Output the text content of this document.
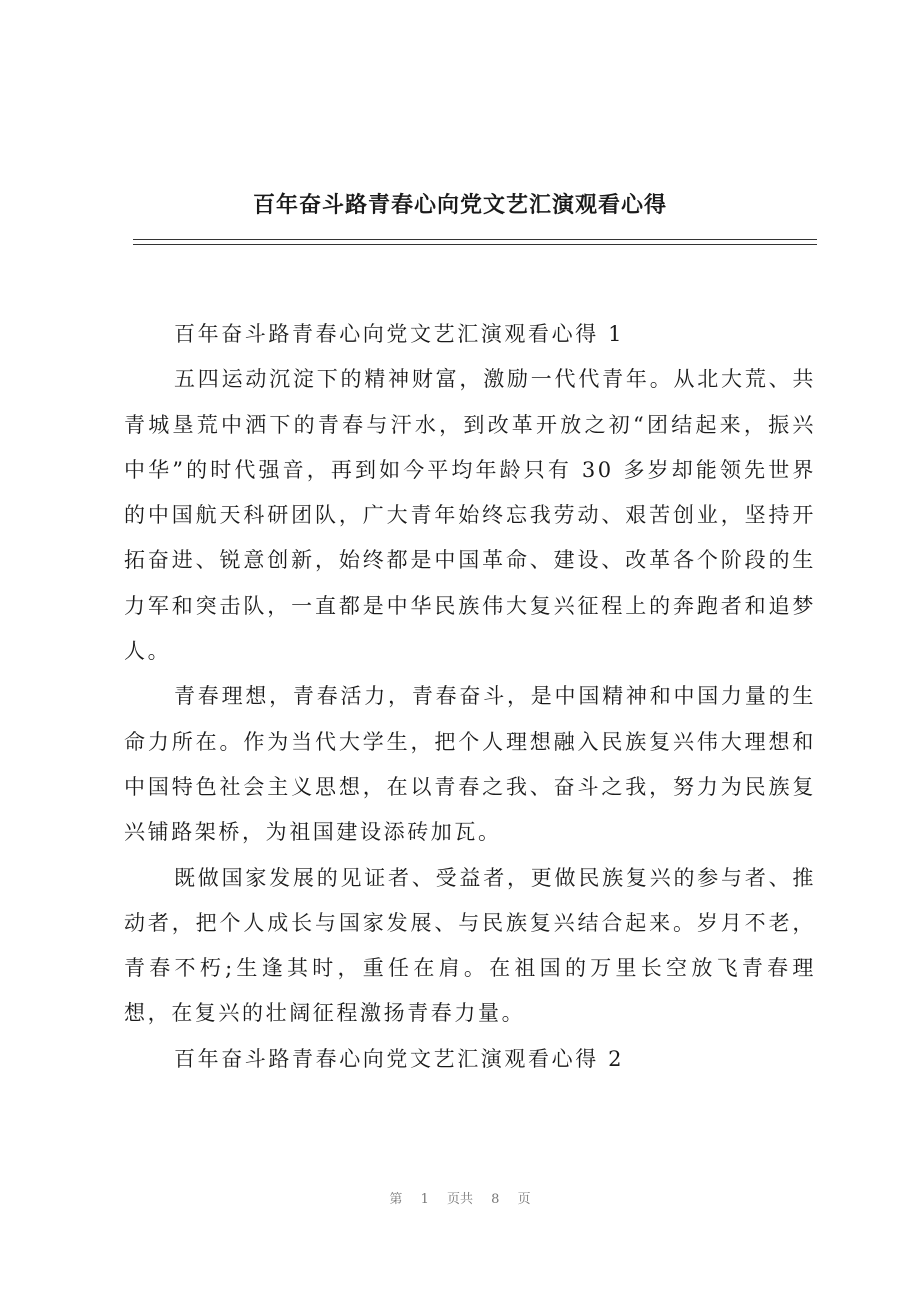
百年奋斗路青春心向党文艺汇演观看心得

百年奋斗路青春心向党文艺汇演观看心得 1

五四运动沉淀下的精神财富，激励一代代青年。从北大荒、共青城垦荒中洒下的青春与汗水，到改革开放之初“团结起来，振兴中华”的时代强音，再到如今平均年龄只有 30 多岁却能领先世界的中国航天科研团队，广大青年始终忘我劳动、艰苦创业，坚持开拓奋进、锐意创新，始终都是中国革命、建设、改革各个阶段的生力军和突击队，一直都是中华民族伟大复兴征程上的奔跑者和追梦人。

青春理想，青春活力，青春奋斗，是中国精神和中国力量的生命力所在。作为当代大学生，把个人理想融入民族复兴伟大理想和中国特色社会主义思想，在以青春之我、奋斗之我，努力为民族复兴铺路架桥，为祖国建设添砖加瓦。

既做国家发展的见证者、受益者，更做民族复兴的参与者、推动者，把个人成长与国家发展、与民族复兴结合起来。岁月不老，青春不朽;生逢其时，重任在肩。在祖国的万里长空放飞青春理想，在复兴的壮阔征程激扬青春力量。

百年奋斗路青春心向党文艺汇演观看心得 2

第 1 页共 8 页
